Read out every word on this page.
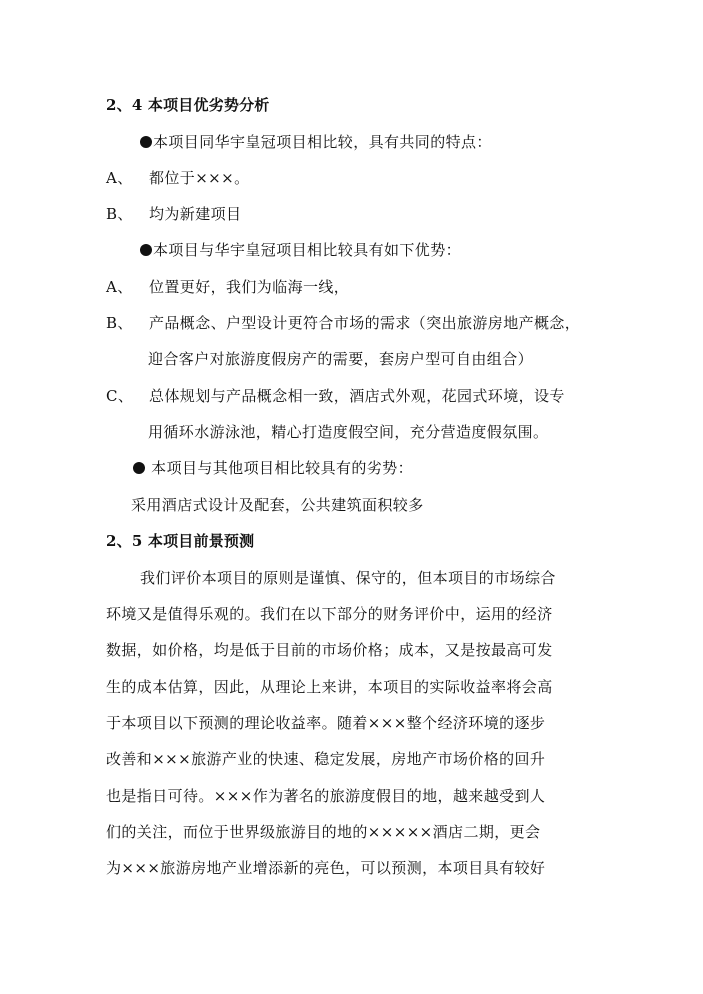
2、4 本项目优劣势分析

本项目同华宇皇冠项目相比较，具有共同的特点：

A、 都位于×××。

B、 均为新建项目

本项目与华宇皇冠项目相比较具有如下优势：

A、 位置更好，我们为临海一线，

B、 产品概念、户型设计更符合市场的需求（突出旅游房地产概念，

迎合客户对旅游度假房产的需要，套房户型可自由组合）

C、 总体规划与产品概念相一致，酒店式外观，花园式环境，设专

用循环水游泳池，精心打造度假空间，充分营造度假氛围。

本项目与其他项目相比较具有的劣势：

采用酒店式设计及配套，公共建筑面积较多

2、5 本项目前景预测

我们评价本项目的原则是谨慎、保守的，但本项目的市场综合

环境又是值得乐观的。我们在以下部分的财务评价中，运用的经济

数据，如价格，均是低于目前的市场价格；成本，又是按最高可发

生的成本估算，因此，从理论上来讲，本项目的实际收益率将会高

于本项目以下预测的理论收益率。随着×××整个经济环境的逐步

改善和×××旅游产业的快速、稳定发展，房地产市场价格的回升

也是指日可待。×××作为著名的旅游度假目的地，越来越受到人

们的关注，而位于世界级旅游目的地的×××××酒店二期，更会

为×××旅游房地产业增添新的亮色，可以预测，本项目具有较好
